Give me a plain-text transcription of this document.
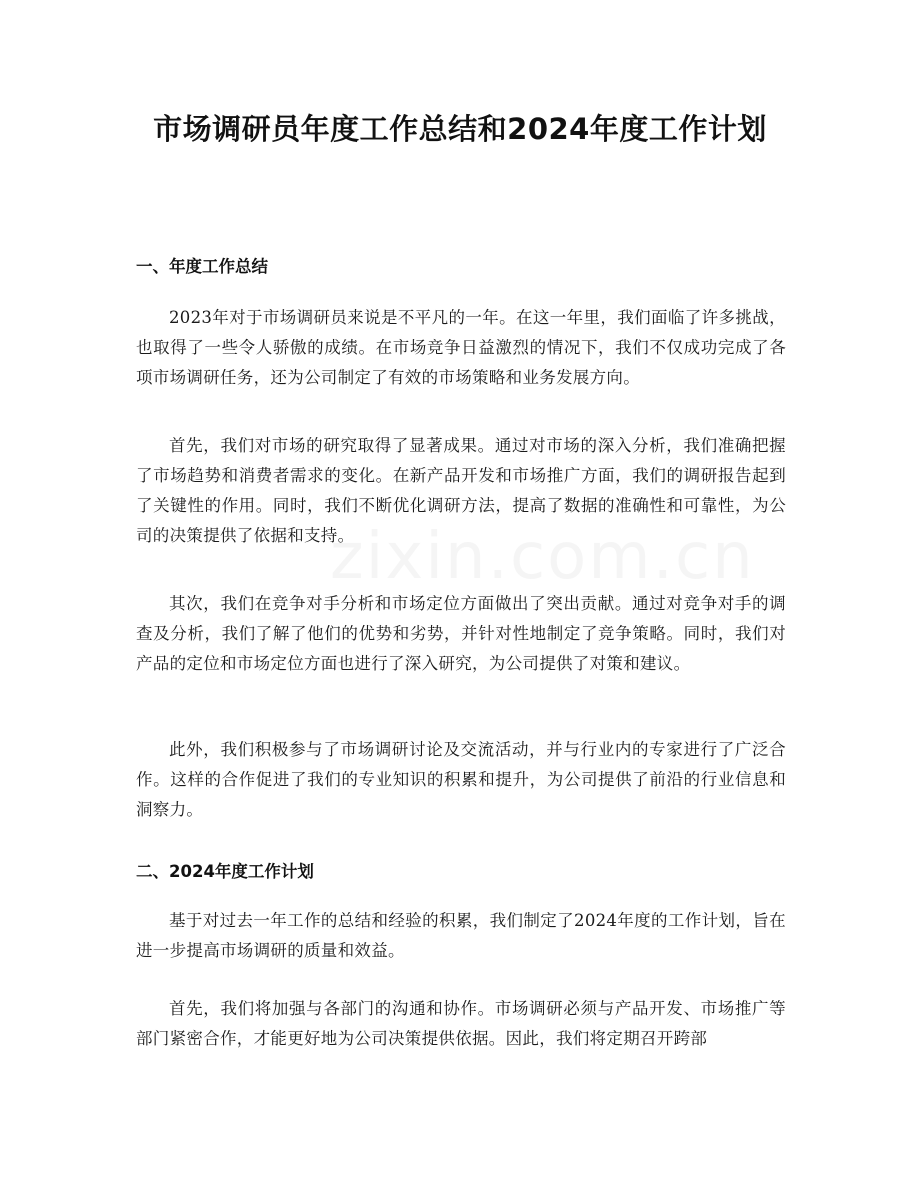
市场调研员年度工作总结和2024年度工作计划
一、年度工作总结
2023年对于市场调研员来说是不平凡的一年。在这一年里，我们面临了许多挑战，也取得了一些令人骄傲的成绩。在市场竞争日益激烈的情况下，我们不仅成功完成了各项市场调研任务，还为公司制定了有效的市场策略和业务发展方向。
首先，我们对市场的研究取得了显著成果。通过对市场的深入分析，我们准确把握了市场趋势和消费者需求的变化。在新产品开发和市场推广方面，我们的调研报告起到了关键性的作用。同时，我们不断优化调研方法，提高了数据的准确性和可靠性，为公司的决策提供了依据和支持。
其次，我们在竞争对手分析和市场定位方面做出了突出贡献。通过对竞争对手的调查及分析，我们了解了他们的优势和劣势，并针对性地制定了竞争策略。同时，我们对产品的定位和市场定位方面也进行了深入研究，为公司提供了对策和建议。
此外，我们积极参与了市场调研讨论及交流活动，并与行业内的专家进行了广泛合作。这样的合作促进了我们的专业知识的积累和提升，为公司提供了前沿的行业信息和洞察力。
二、2024年度工作计划
基于对过去一年工作的总结和经验的积累，我们制定了2024年度的工作计划，旨在进一步提高市场调研的质量和效益。
首先，我们将加强与各部门的沟通和协作。市场调研必须与产品开发、市场推广等部门紧密合作，才能更好地为公司决策提供依据。因此，我们将定期召开跨部
zixin.com.cn
